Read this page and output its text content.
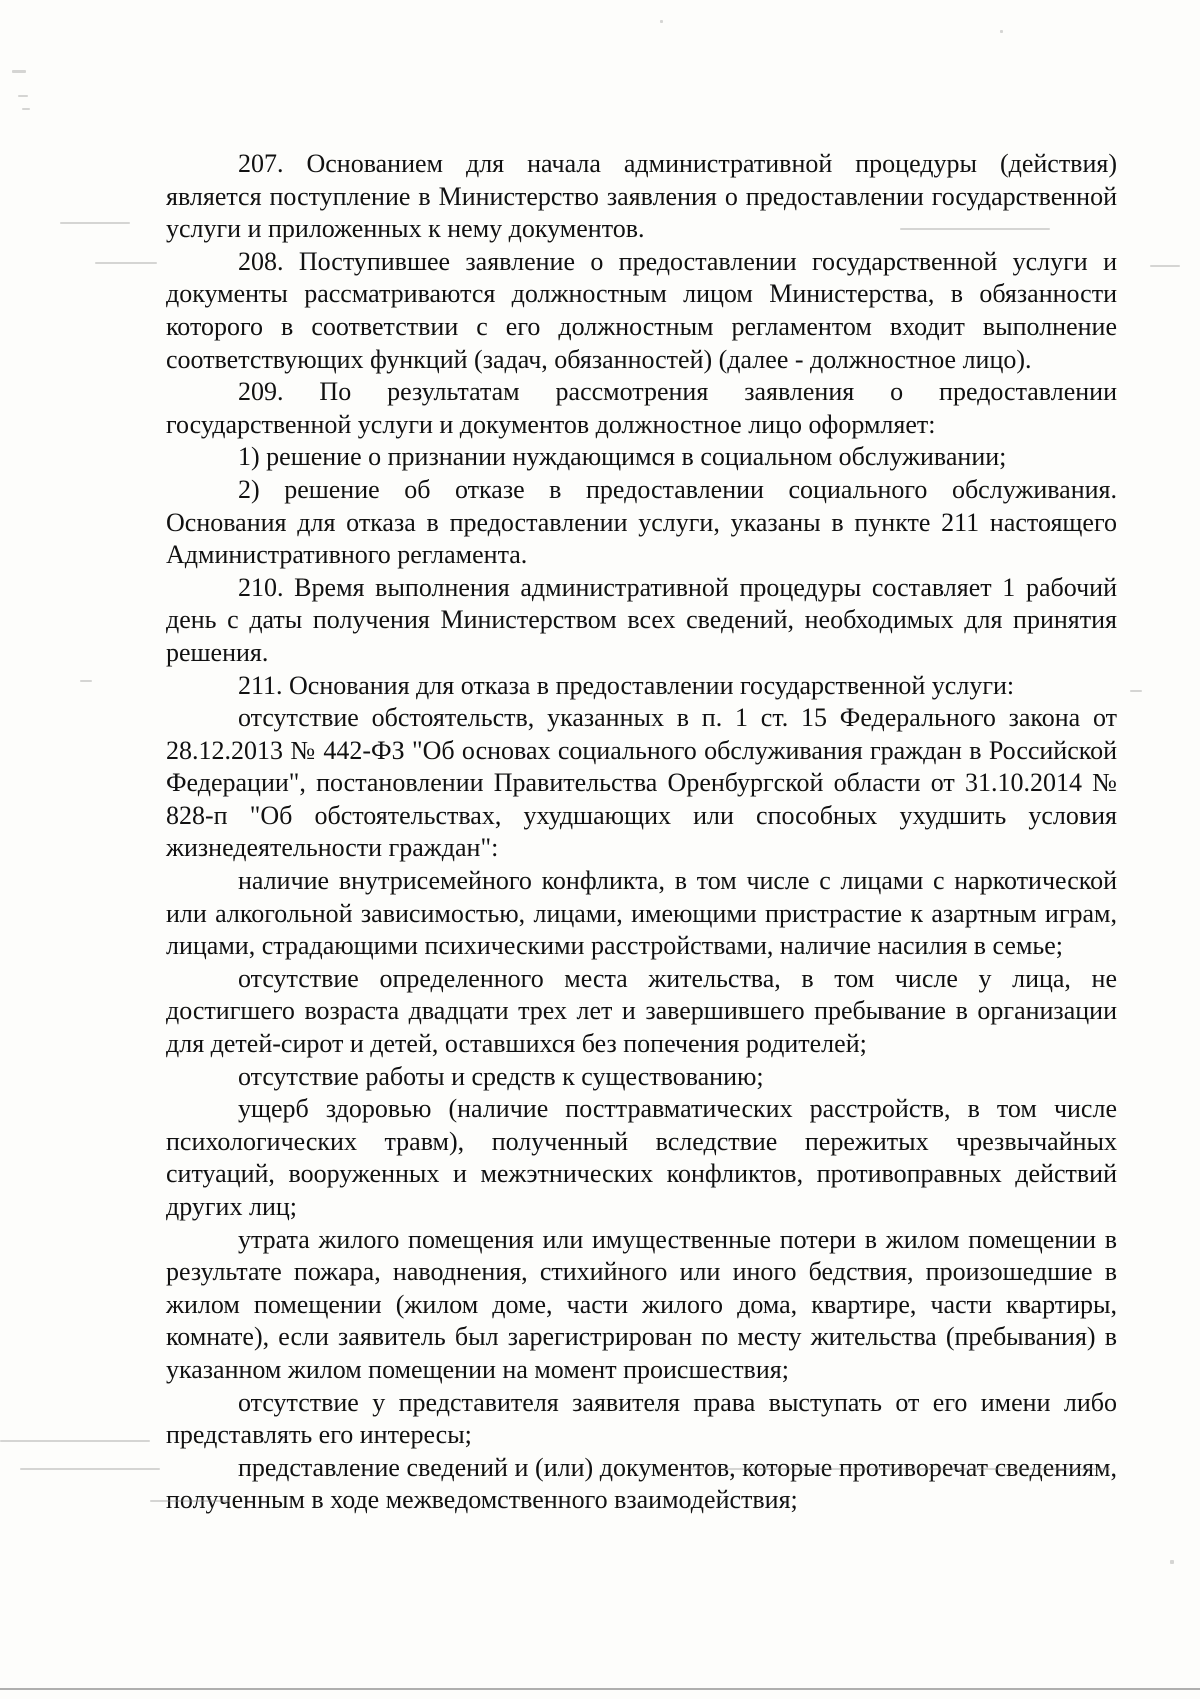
207. Основанием для начала административной процедуры (действия) является поступление в Министерство заявления о предоставлении государственной услуги и приложенных к нему документов.

208. Поступившее заявление о предоставлении государственной услуги и документы рассматриваются должностным лицом Министерства, в обязанности которого в соответствии с его должностным регламентом входит выполнение соответствующих функций (задач, обязанностей) (далее - должностное лицо).

209. По результатам рассмотрения заявления о предоставлении государственной услуги и документов должностное лицо оформляет:

1) решение о признании нуждающимся в социальном обслуживании;

2) решение об отказе в предоставлении социального обслуживания. Основания для отказа в предоставлении услуги, указаны в пункте 211 настоящего Административного регламента.

210. Время выполнения административной процедуры составляет 1 рабочий день с даты получения Министерством всех сведений, необходимых для принятия решения.

211. Основания для отказа в предоставлении государственной услуги:

отсутствие обстоятельств, указанных в п. 1 ст. 15 Федерального закона от 28.12.2013 № 442-ФЗ "Об основах социального обслуживания граждан в Российской Федерации", постановлении Правительства Оренбургской области от 31.10.2014 № 828-п "Об обстоятельствах, ухудшающих или способных ухудшить условия жизнедеятельности граждан":

наличие внутрисемейного конфликта, в том числе с лицами с наркотической или алкогольной зависимостью, лицами, имеющими пристрастие к азартным играм, лицами, страдающими психическими расстройствами, наличие насилия в семье;

отсутствие определенного места жительства, в том числе у лица, не достигшего возраста двадцати трех лет и завершившего пребывание в организации для детей-сирот и детей, оставшихся без попечения родителей;

отсутствие работы и средств к существованию;

ущерб здоровью (наличие посттравматических расстройств, в том числе психологических травм), полученный вследствие пережитых чрезвычайных ситуаций, вооруженных и межэтнических конфликтов, противоправных действий других лиц;

утрата жилого помещения или имущественные потери в жилом помещении в результате пожара, наводнения, стихийного или иного бедствия, произошедшие в жилом помещении (жилом доме, части жилого дома, квартире, части квартиры, комнате), если заявитель был зарегистрирован по месту жительства (пребывания) в указанном жилом помещении на момент происшествия;

отсутствие у представителя заявителя права выступать от его имени либо представлять его интересы;

представление сведений и (или) документов, которые противоречат сведениям, полученным в ходе межведомственного взаимодействия;
